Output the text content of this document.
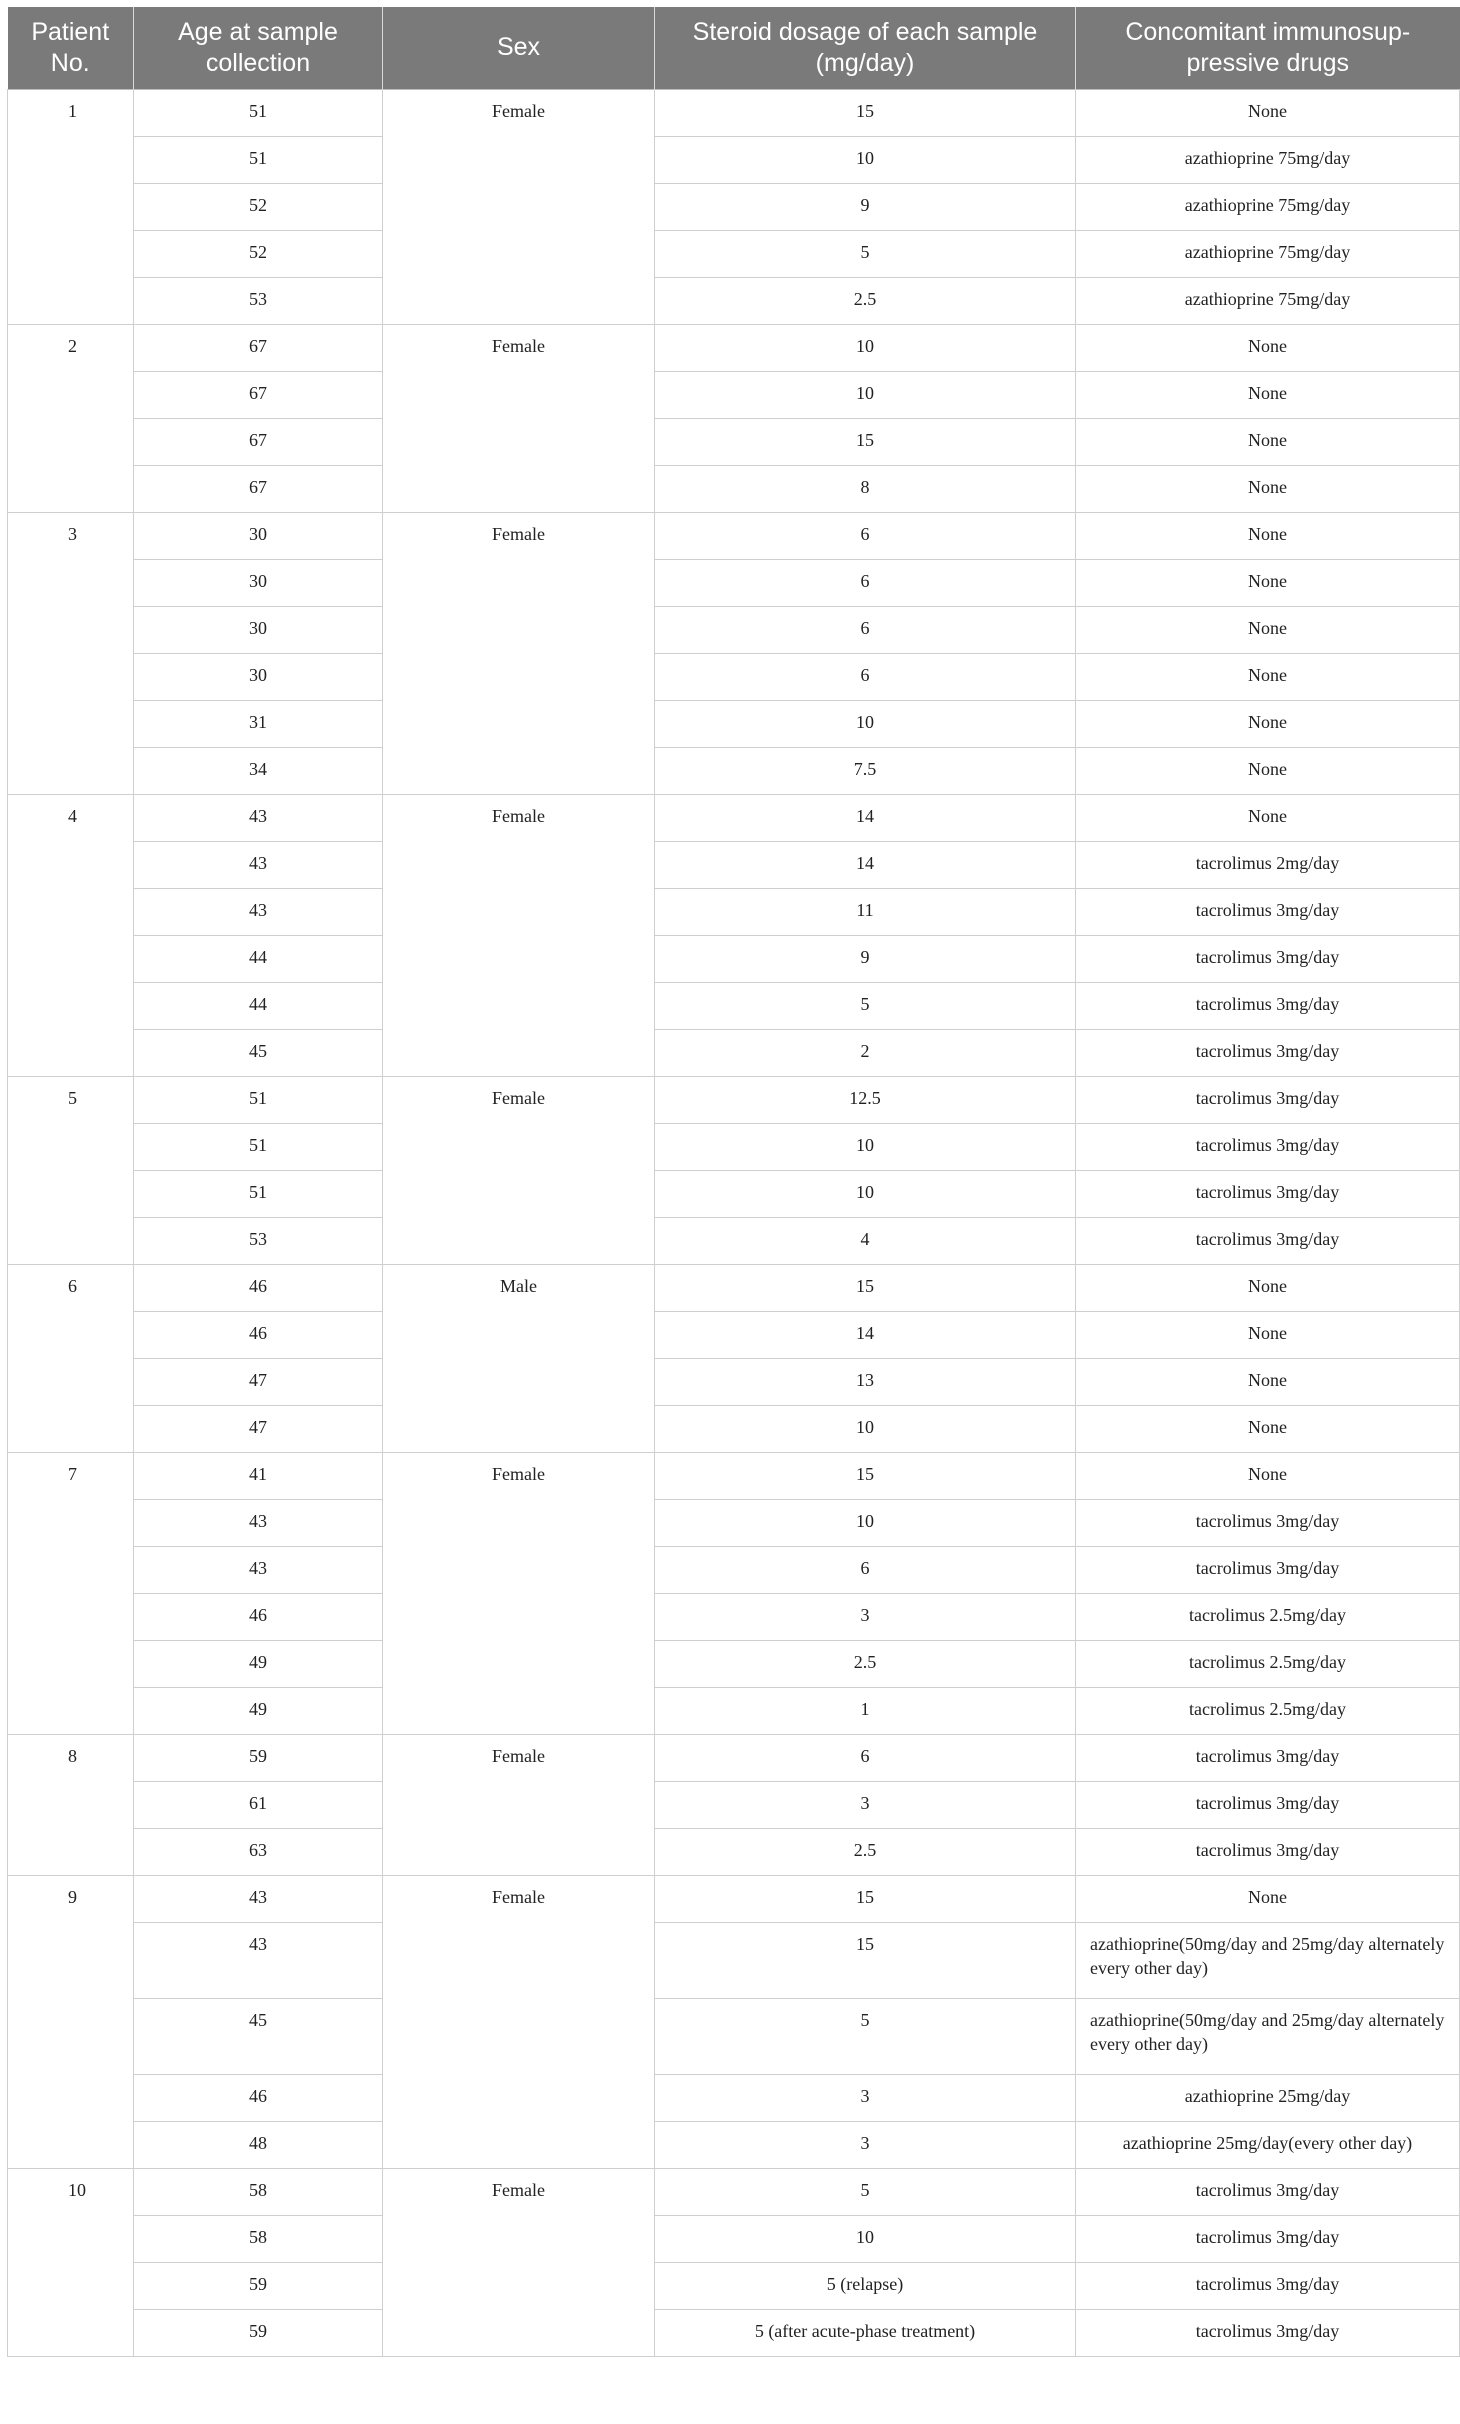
Patient No.	Age at sample collection	Sex	Steroid dosage of each sample (mg/day)	Concomitant immunosup-pressive drugs
1	51	Female	15	None
	51		10	azathioprine 75mg/day
	52		9	azathioprine 75mg/day
	52		5	azathioprine 75mg/day
	53		2.5	azathioprine 75mg/day
2	67	Female	10	None
	67		10	None
	67		15	None
	67		8	None
3	30	Female	6	None
	30		6	None
	30		6	None
	30		6	None
	31		10	None
	34		7.5	None
4	43	Female	14	None
	43		14	tacrolimus 2mg/day
	43		11	tacrolimus 3mg/day
	44		9	tacrolimus 3mg/day
	44		5	tacrolimus 3mg/day
	45		2	tacrolimus 3mg/day
5	51	Female	12.5	tacrolimus 3mg/day
	51		10	tacrolimus 3mg/day
	51		10	tacrolimus 3mg/day
	53		4	tacrolimus 3mg/day
6	46	Male	15	None
	46		14	None
	47		13	None
	47		10	None
7	41	Female	15	None
	43		10	tacrolimus 3mg/day
	43		6	tacrolimus 3mg/day
	46		3	tacrolimus 2.5mg/day
	49		2.5	tacrolimus 2.5mg/day
	49		1	tacrolimus 2.5mg/day
8	59	Female	6	tacrolimus 3mg/day
	61		3	tacrolimus 3mg/day
	63		2.5	tacrolimus 3mg/day
9	43	Female	15	None
	43		15	azathioprine(50mg/day and 25mg/day alternately every other day)
	45		5	azathioprine(50mg/day and 25mg/day alternately every other day)
	46		3	azathioprine 25mg/day
	48		3	azathioprine 25mg/day(every other day)
10	58	Female	5	tacrolimus 3mg/day
	58		10	tacrolimus 3mg/day
	59		5 (relapse)	tacrolimus 3mg/day
	59		5 (after acute-phase treatment)	tacrolimus 3mg/day
